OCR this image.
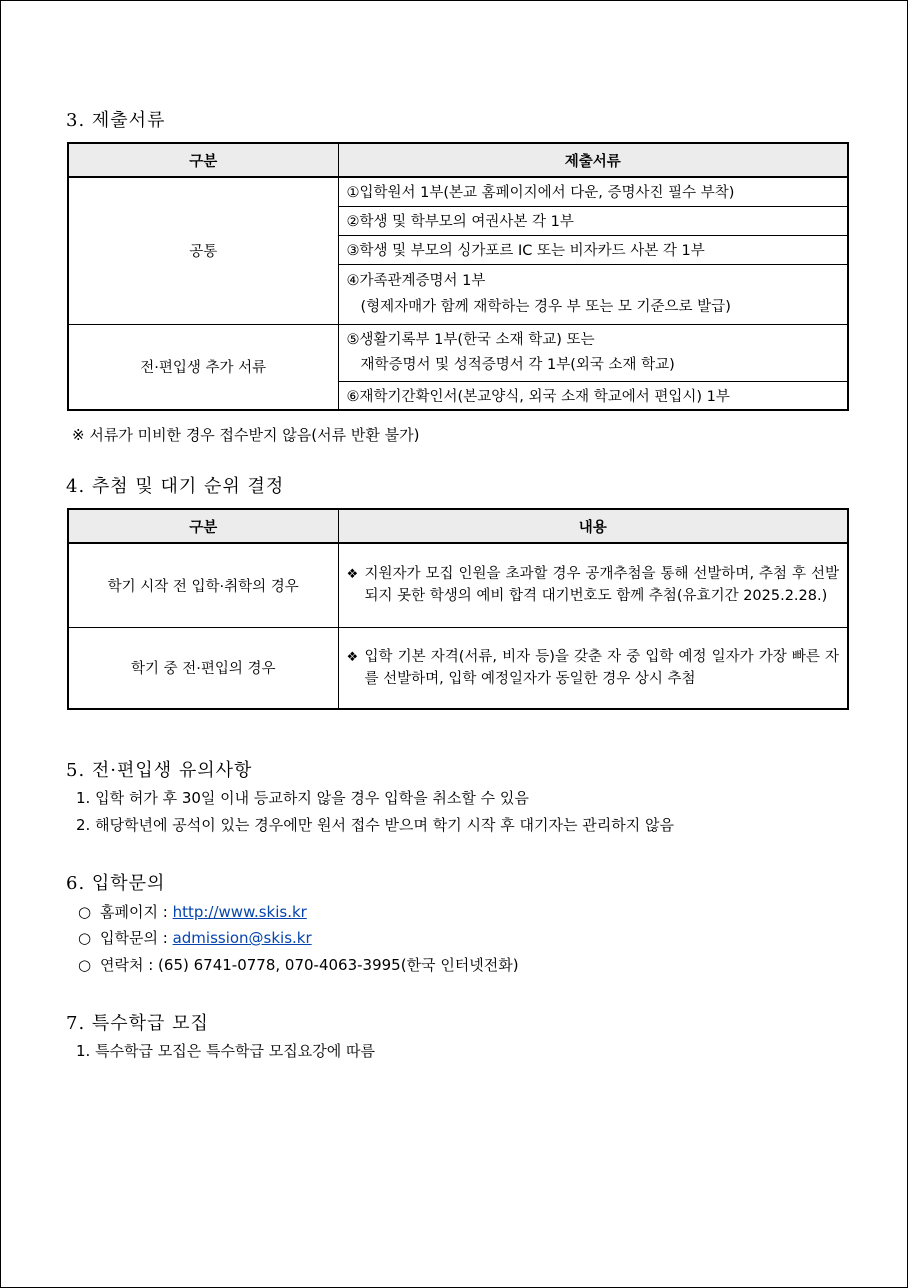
3. 제출서류
구분	제출서류
공통	①입학원서 1부(본교 홈페이지에서 다운, 증명사진 필수 부착)
	②학생 및 학부모의 여권사본 각 1부
	③학생 및 부모의 싱가포르 IC 또는 비자카드 사본 각 1부

	④가족관계증명서 1부
(형제자매가 함께 재학하는 경우 부 또는 모 기준으로 발급)

전·편입생 추가 서류	⑤생활기록부 1부(한국 소재 학교) 또는
재학증명서 및 성적증명서 각 1부(외국 소재 학교)

	⑥재학기간확인서(본교양식, 외국 소재 학교에서 편입시) 1부
※ 서류가 미비한 경우 접수받지 않음(서류 반환 불가)
4. 추첨 및 대기 순위 결정
구분	내용
학기 시작 전 입학·취학의 경우	❖ 지원자가 모집 인원을 초과할 경우 공개추첨을 통해 선발하며, 추첨 후 선발되지 못한 학생의 예비 합격 대기번호도 함께 추첨(유효기간 2025.2.28.)

학기 중 전·편입의 경우	❖ 입학 기본 자격(서류, 비자 등)을 갖춘 자 중 입학 예정 일자가 가장 빠른 자를 선발하며, 입학 예정일자가 동일한 경우 상시 추첨
5. 전·편입생 유의사항
1. 입학 허가 후 30일 이내 등교하지 않을 경우 입학을 취소할 수 있음
2. 해당학년에 공석이 있는 경우에만 원서 접수 받으며 학기 시작 후 대기자는 관리하지 않음
6. 입학문의
○ 홈페이지 : http://www.skis.kr
○ 입학문의 : admission@skis.kr
○ 연락처 : (65) 6741-0778, 070-4063-3995(한국 인터넷전화)
7. 특수학급 모집
1. 특수학급 모집은 특수학급 모집요강에 따름
